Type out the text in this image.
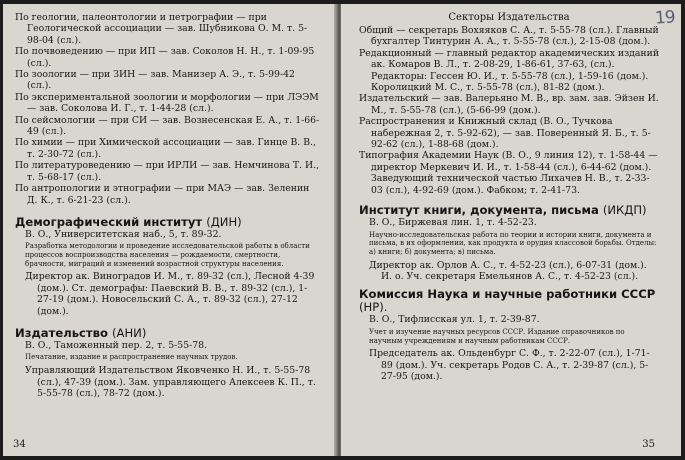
По геологии, палеонтологии и петрографии — при Геологической ассоциации — зав. Шубникова О. М. т. 5-98-04 (сл.).

По почвоведению — при ИП — зав. Соколов Н. Н., т. 1-09-95 (сл.).

По зоологии — при ЗИН — зав. Манизер А. Э., т. 5-99-42 (сл.).

По экспериментальной зоологии и морфологии — при ЛЭЭМ — зав. Соколова И. Г., т. 1-44-28 (сл.).

По сейсмологии — при СИ — зав. Вознесенская Е. А., т. 1-66-49 (сл.).

По химии — при Химической ассоциации — зав. Гинце В. В., т. 2-30-72 (сл.).

По литературоведению — при ИРЛИ — зав. Немчинова Т. И., т. 5-68-17 (сл.).

По антропологии и этнографии — при МАЭ — зав. Зеленин Д. К., т. 6-21-23 (сл.).

Демографический институт (ДИН)

В. О., Университетская наб., 5, т. 89-32.

Разработка методологии и проведение исследовательской работы в области процессов воспроизводства населения — рождаемости, смертности, брачности, миграций и изменений возрастной структуры населения.

Директор ак. Виноградов И. М., т. 89-32 (сл.), Лесной 4-39 (дом.). Ст. демографы: Паевский В. В., т. 89-32 (сл.), 1-27-19 (дом.). Новосельский С. А., т. 89-32 (сл.), 27-12 (дом.).

Издательство (АНИ)

В. О., Таможенный пер. 2, т. 5-55-78.

Печатание, издание и распространение научных трудов.

Управляющий Издательством Яковченко Н. И., т. 5-55-78 (сл.), 47-39 (дом.). Зам. управляющего Алексеев К. П., т. 5-55-78 (сл.), 78-72 (дом.).

34
19

Секторы Издательства

Общий — секретарь Вохяяков С. А., т. 5-55-78 (сл.). Главный бухгалтер Тинтурин А. А., т. 5-55-78 (сл.), 2-15-08 (дом.).

Редакционный — главный редактор академических изданий ак. Комаров В. Л., т. 2-08-29, 1-86-61, 37-63, (сл.). Редакторы: Гессен Ю. И., т. 5-55-78 (сл.), 1-59-16 (дом.). Королицкий М. С., т. 5-55-78 (сл.), 81-82 (дом.).

Издательский — зав. Валерьяно М. В., вр. зам. зав. Эйзен И. М., т. 5-55-78 (сл.), (5-66-99 (дом.).

Распространения и Книжный склад (В. О., Тучкова набережная 2, т. 5-92-62), — зав. Поверенный Я. Б., т. 5-92-62 (сл.), 1-88-68 (дом.).

Типография Академии Наук (В. О., 9 линия 12), т. 1-58-44 — директор Меркевич И. И., т. 1-58-44 (сл.), 6-44-62 (дом.). Заведующий технической частью Лихачев Н. В., т. 2-33-03 (сл.), 4-92-69 (дом.). Фабком; т. 2-41-73.

Институт книги, документа, письма (ИКДП)

В. О., Биржевая лин. 1, т. 4-52-23.

Научно-исследовательская работа по теории и истории книги, документа и письма, в их оформлении, как продукта и орудия классовой борьбы. Отделы: а) книги; б) документа; в) письма.

Директор ак. Орлов А. С., т. 4-52-23 (сл.), 6-07-31 (дом.). И. о. Уч. секретаря Емельянов А. С., т. 4-52-23 (сл.).

Комиссия Наука и научные работники СССР
(НР).

В. О., Тифлисская ул. 1, т. 2-39-87.

Учет и изучение научных ресурсов СССР. Издание справочников по научным учреждениям и научным работникам СССР.

Председатель ак. Ольденбург С. Ф., т. 2-22-07 (сл.), 1-71-89 (дом.). Уч. секретарь Родов С. А., т. 2-39-87 (сл.), 5-27-95 (дом.).

35
